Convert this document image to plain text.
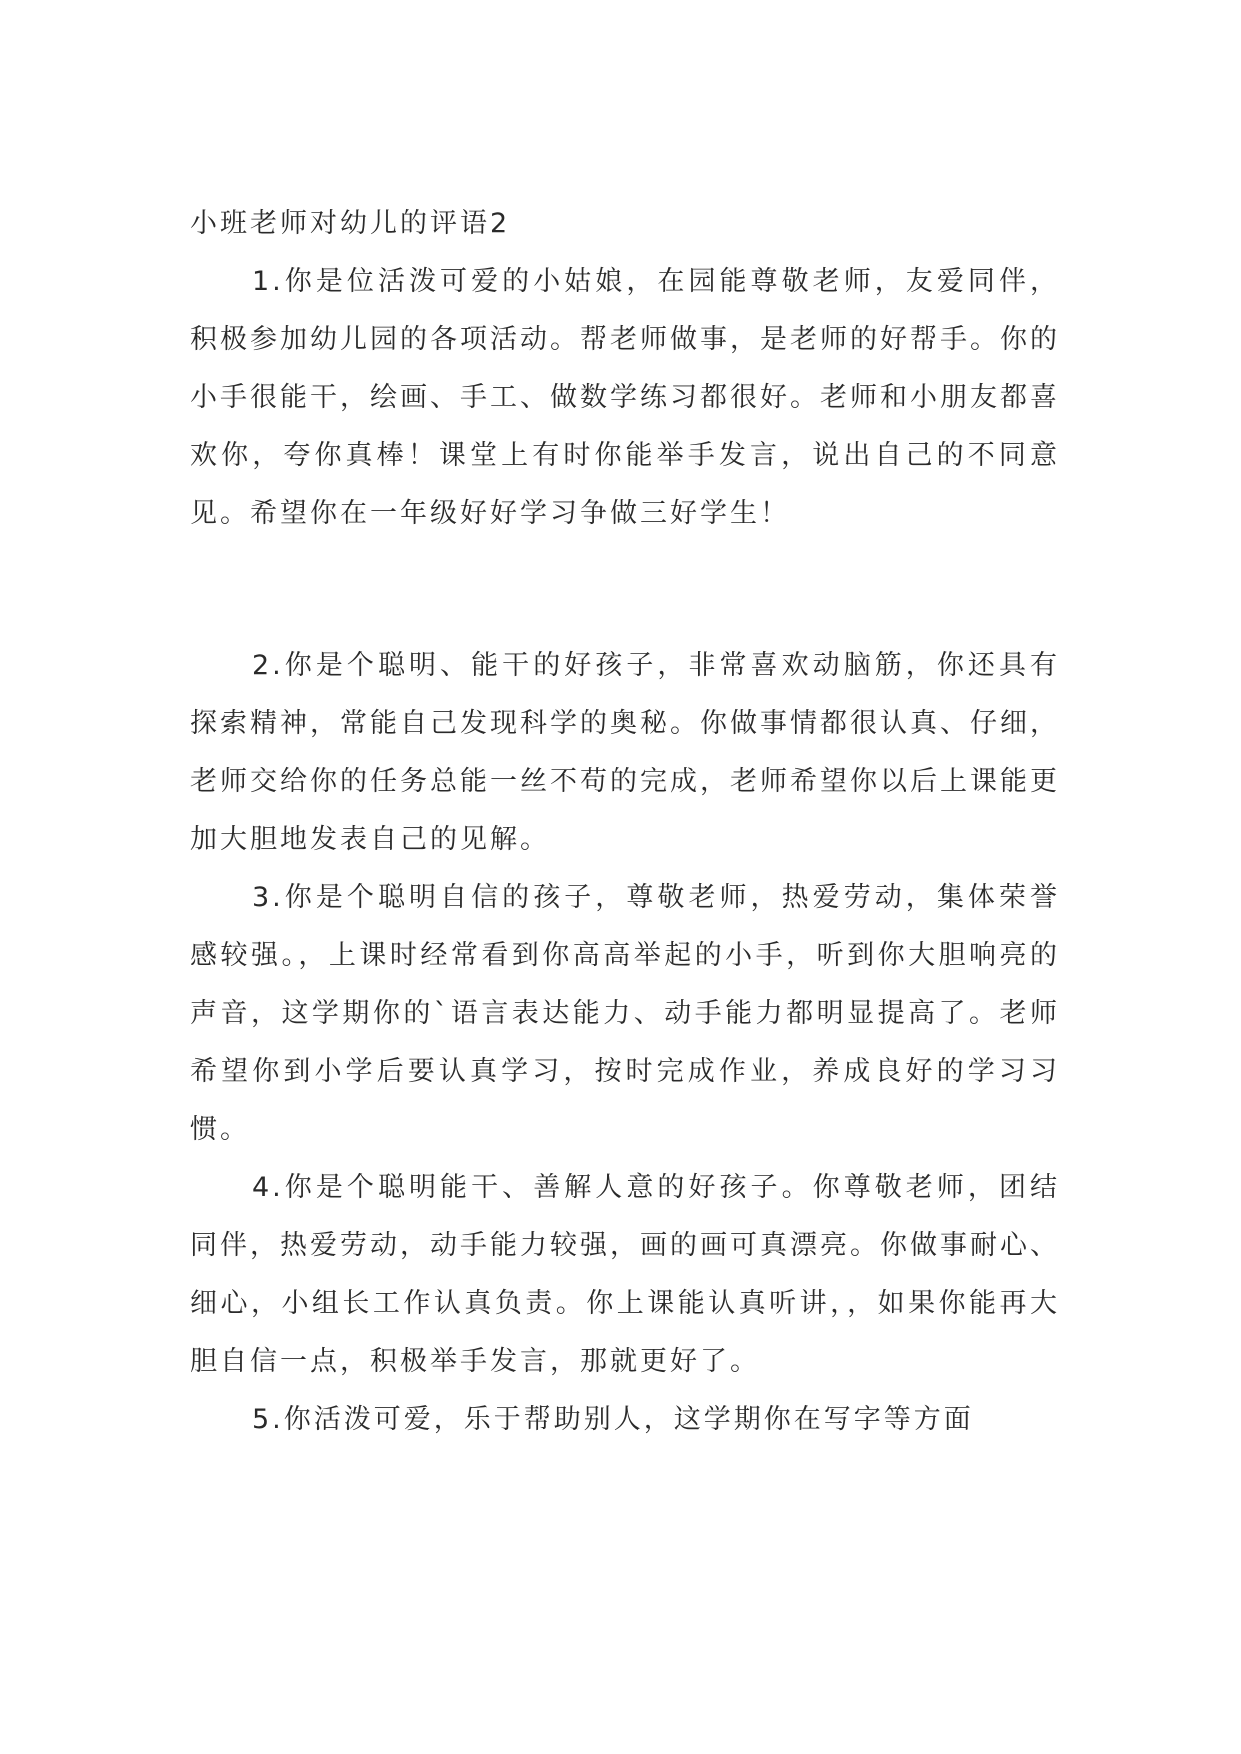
小班老师对幼儿的评语2

1.你是位活泼可爱的小姑娘，在园能尊敬老师，友爱同伴，积极参加幼儿园的各项活动。帮老师做事，是老师的好帮手。你的小手很能干，绘画、手工、做数学练习都很好。老师和小朋友都喜欢你，夸你真棒！课堂上有时你能举手发言，说出自己的不同意见。希望你在一年级好好学习争做三好学生！

2.你是个聪明、能干的好孩子，非常喜欢动脑筋，你还具有探索精神，常能自己发现科学的奥秘。你做事情都很认真、仔细，老师交给你的任务总能一丝不苟的完成，老师希望你以后上课能更加大胆地发表自己的见解。

3.你是个聪明自信的孩子，尊敬老师，热爱劳动，集体荣誉感较强。，上课时经常看到你高高举起的小手，听到你大胆响亮的声音，这学期你的`语言表达能力、动手能力都明显提高了。老师希望你到小学后要认真学习，按时完成作业，养成良好的学习习惯。

4.你是个聪明能干、善解人意的好孩子。你尊敬老师，团结同伴，热爱劳动，动手能力较强，画的画可真漂亮。你做事耐心、细心，小组长工作认真负责。你上课能认真听讲，，如果你能再大胆自信一点，积极举手发言，那就更好了。

5.你活泼可爱，乐于帮助别人，这学期你在写字等方面
